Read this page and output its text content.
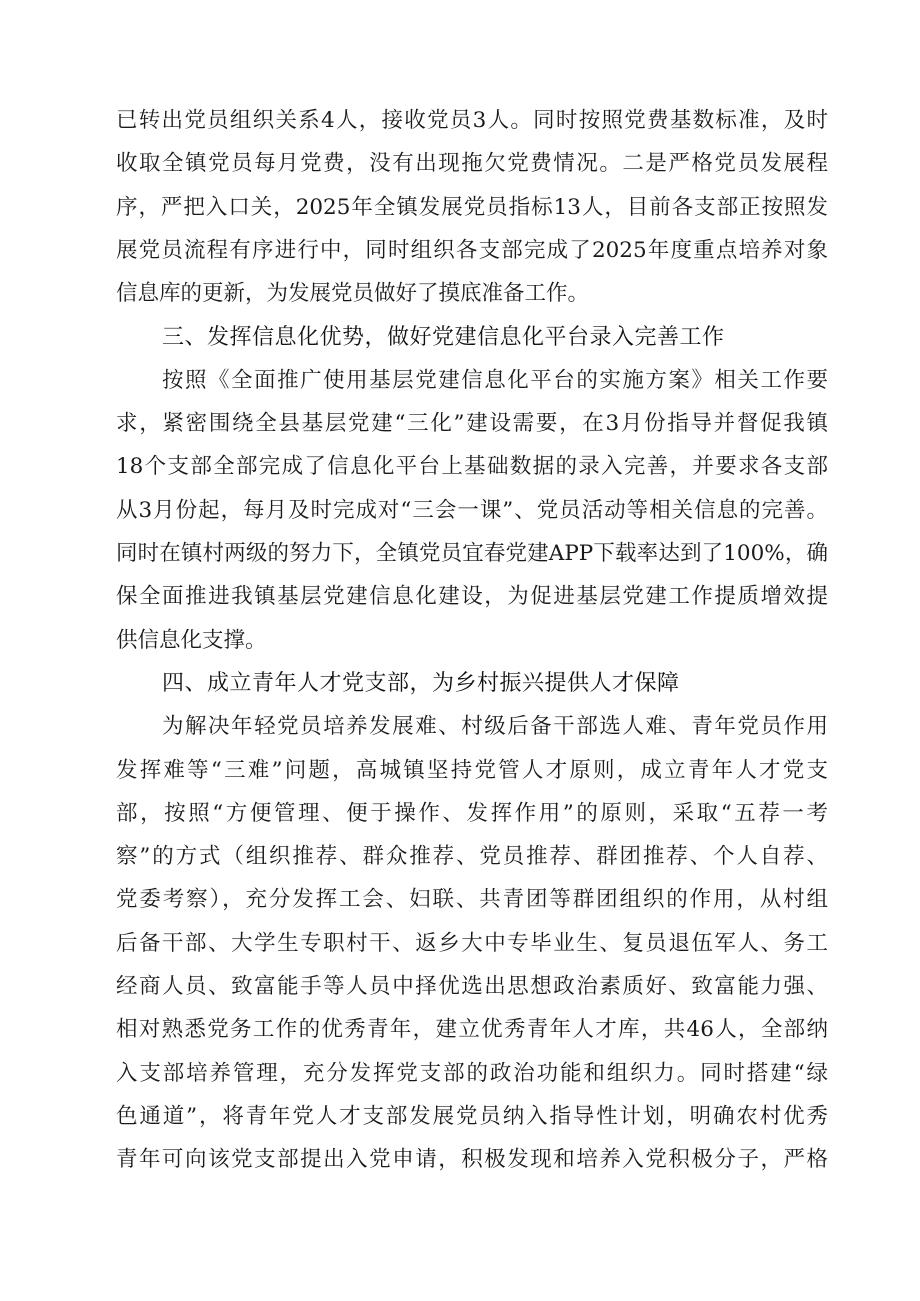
已转出党员组织关系4人，接收党员3人。同时按照党费基数标准，及时
收取全镇党员每月党费，没有出现拖欠党费情况。二是严格党员发展程
序，严把入口关，2025年全镇发展党员指标13人，目前各支部正按照发
展党员流程有序进行中，同时组织各支部完成了2025年度重点培养对象
信息库的更新，为发展党员做好了摸底准备工作。
三、发挥信息化优势，做好党建信息化平台录入完善工作
按照《全面推广使用基层党建信息化平台的实施方案》相关工作要
求，紧密围绕全县基层党建“三化”建设需要，在3月份指导并督促我镇
18个支部全部完成了信息化平台上基础数据的录入完善，并要求各支部
从3月份起，每月及时完成对“三会一课”、党员活动等相关信息的完善。
同时在镇村两级的努力下，全镇党员宜春党建APP下载率达到了100%，确
保全面推进我镇基层党建信息化建设，为促进基层党建工作提质增效提
供信息化支撑。
四、成立青年人才党支部，为乡村振兴提供人才保障
为解决年轻党员培养发展难、村级后备干部选人难、青年党员作用
发挥难等“三难”问题，高城镇坚持党管人才原则，成立青年人才党支
部，按照“方便管理、便于操作、发挥作用”的原则，采取“五荐一考
察”的方式（组织推荐、群众推荐、党员推荐、群团推荐、个人自荐、
党委考察），充分发挥工会、妇联、共青团等群团组织的作用，从村组
后备干部、大学生专职村干、返乡大中专毕业生、复员退伍军人、务工
经商人员、致富能手等人员中择优选出思想政治素质好、致富能力强、
相对熟悉党务工作的优秀青年，建立优秀青年人才库，共46人，全部纳
入支部培养管理，充分发挥党支部的政治功能和组织力。同时搭建“绿
色通道”，将青年党人才支部发展党员纳入指导性计划，明确农村优秀
青年可向该党支部提出入党申请，积极发现和培养入党积极分子，严格
